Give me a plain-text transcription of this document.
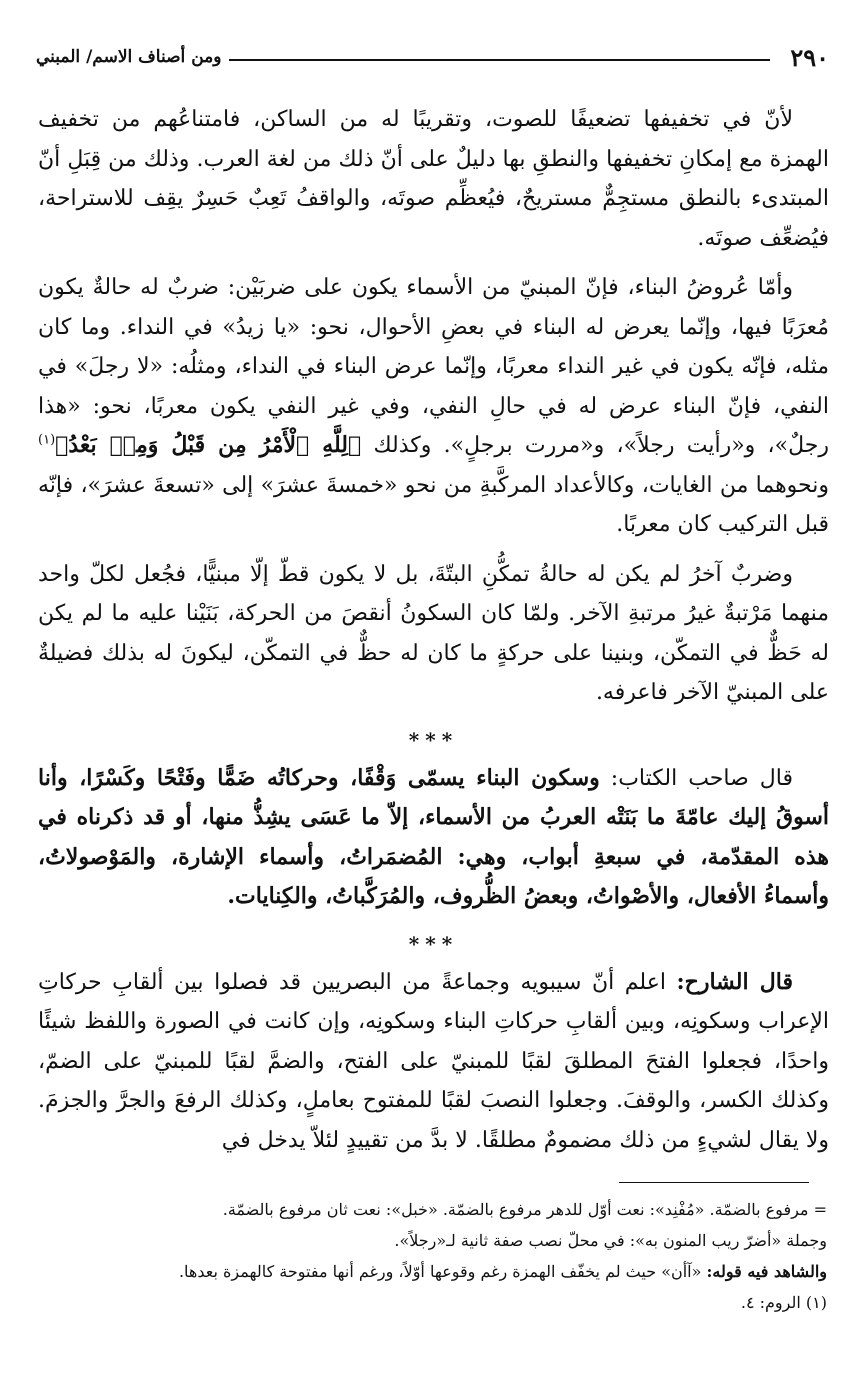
٢٩٠
ومن أصناف الاسم/ المبني

لأنّ في تخفيفها تضعيفًا للصوت، وتقريبًا له من الساكن، فامتناعُهم من تخفيف الهمزة مع إمكانِ تخفيفها والنطقِ بها دليلٌ على أنّ ذلك من لغة العرب. وذلك من قِبَلِ أنّ المبتدىء بالنطق مستجِمٌّ مستريحٌ، فيُعظِّم صوتَه، والواقفُ تَعِبٌ حَسِرٌ يقِف للاستراحة، فيُضعِّف صوتَه.

وأمّا عُروضُ البناء، فإنّ المبنيّ من الأسماء يكون على ضربَيْن: ضربٌ له حالةٌ يكون مُعرَبًا فيها، وإنّما يعرض له البناء في بعضِ الأحوال، نحو: «يا زيدُ» في النداء. وما كان مثله، فإنّه يكون في غير النداء معربًا، وإنّما عرض البناء في النداء، ومثلُه: «لا رجلَ» في النفي، فإنّ البناء عرض له في حالِ النفي، وفي غير النفي يكون معربًا، نحو: «هذا رجلٌ»، و«رأيت رجلاً»، و«مررت برجلٍ». وكذلك ﴿لِلَّهِ ٱلْأَمْرُ مِن قَبْلُ وَمِنۢ بَعْدُ﴾$^{(١)}$ ونحوهما من الغايات، وكالأعداد المركَّبةِ من نحو «خمسةَ عشرَ» إلى «تسعةَ عشرَ»، فإنّه قبل التركيب كان معربًا.

وضربٌ آخرُ لم يكن له حالةُ تمكُّنِ البتّةَ، بل لا يكون قطّ إلّا مبنيًّا، فجُعل لكلّ واحد منهما مَرْتبةٌ غيرُ مرتبةِ الآخر. ولمّا كان السكونُ أنقصَ من الحركة، بَنَيْنا عليه ما لم يكن له حَظٌّ في التمكّن، وبنينا على حركةٍ ما كان له حظٌّ في التمكّن، ليكونَ له بذلك فضيلةٌ على المبنيّ الآخر فاعرفه.

***

قال صاحب الكتاب: وسكون البناء يسمّى وَقْفًا، وحركاتُه ضَمًّا وفَتْحًا وكَسْرًا، وأنا أسوقُ إليك عامّةَ ما بَنَتْه العربُ من الأسماء، إلاّ ما عَسَى يشِذُّ منها، أو قد ذكرناه في هذه المقدّمة، في سبعةِ أبواب، وهي: المُضمَراتُ، وأسماء الإشارة، والمَوْصولاتُ، وأسماءُ الأفعال، والأصْواتُ، وبعضُ الظُّروف، والمُرَكَّباتُ، والكِنايات.

***

قال الشارح: اعلم أنّ سيبويه وجماعةً من البصريين قد فصلوا بين ألقابِ حركاتِ الإعراب وسكونِه، وبين ألقابِ حركاتِ البناء وسكونِه، وإن كانت في الصورة واللفظ شيئًا واحدًا، فجعلوا الفتحَ المطلقَ لقبًا للمبنيّ على الفتح، والضمَّ لقبًا للمبنيّ على الضمّ، وكذلك الكسر، والوقفَ. وجعلوا النصبَ لقبًا للمفتوح بعاملٍ، وكذلك الرفعَ والجرَّ والجزمَ. ولا يقال لشيءٍ من ذلك مضمومٌ مطلقًا. لا بدَّ من تقييدٍ لئلاّ يدخل في

= مرفوع بالضمّة. «مُفْنِد»: نعت أوّل للدهر مرفوع بالضمّة. «خبل»: نعت ثان مرفوع بالضمّة.

وجملة «أضرّ ريب المنون به»: في محلّ نصب صفة ثانية لـ«رجلاً».

والشاهد فيه قوله: «آأن» حيث لم يخفّف الهمزة رغم وقوعها أوّلاً، ورغم أنها مفتوحة كالهمزة بعدها.

(١) الروم: ٤.
